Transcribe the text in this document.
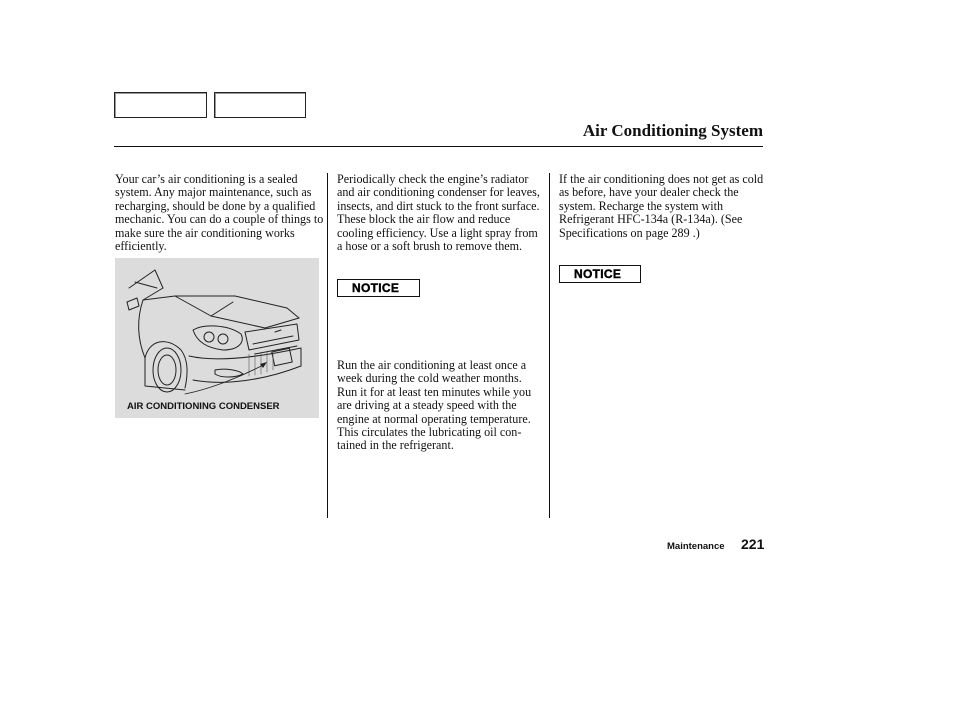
Air Conditioning System
Your car’s air conditioning is a sealed system. Any major maintenance, such as recharging, should be done by a qualified mechanic. You can do a couple of things to make sure the air conditioning works efficiently.
AIR CONDITIONING CONDENSER
Periodically check the engine’s radiator and air conditioning condenser for leaves, insects, and dirt stuck to the front surface. These block the air flow and reduce cooling efficiency. Use a light spray from a hose or a soft brush to remove them.
NOTICE
Run the air conditioning at least once a week during the cold weather months. Run it for at least ten minutes while you are driving at a steady speed with the engine at normal operating temperature. This circulates the lubricating oil con-tained in the refrigerant.
If the air conditioning does not get as cold as before, have your dealer check the system. Recharge the system with Refrigerant HFC-134a (R-134a). (See Specifications on page 289 .)
NOTICE
Maintenance 221
